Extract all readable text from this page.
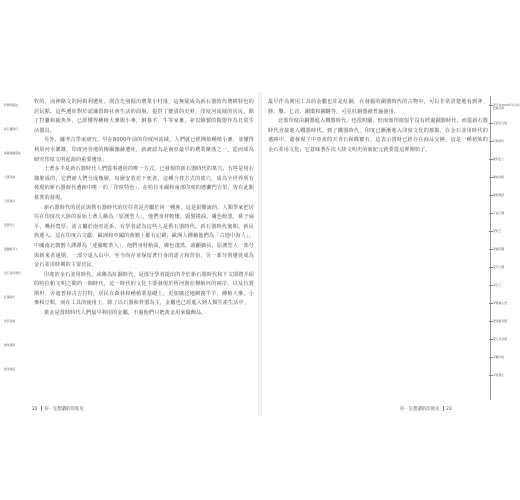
阿姆利遺址
新石器時代
梅爾伽赫遺址
土著民族
合葬墓穴
原澳型人
達羅毗荼人
金石並用時代
紅銅時代
恆河流域
農業發展
黃金飾品

牧的，而神路文的阿姆利遺址，則首先發掘出農業小村落，這無疑成為新石器時代農耕特色的居民點。這些遺址對於認識當時社會生活的面貌，提供了寶貴的史料，印度河流域的居民，除了狩獵和捕魚外，已經懂得種植大麥與小麥，飼養羊、牛等家畜，並以燒製的陶器作為日常生活器具。

另外，據考古學家研究，早在8000年前的印度河流域，人們就已經開始種植小麥，並懂得利用河水灌溉，印度河谷地的梅爾伽赫遺址，就被認為是南亞最早的農業聚落之一，從而成為研究印度文明起源的重要遺址。

土著多半是新石器時代人們從事遷徙的唯一方式，已發現的新石器時代的墓穴，有些是用石塊堆成的，它們被人們分成幾層，每層安放若干死者，這種合葬方式的墓穴，成為全世界所有發現的新石器時代遺跡中唯一的「印度特色」，在哈拉本爾和南部印度的德蘭門吉里，皆有此類墓葬的發現。

新石器時代的居民與舊石器時代的居住者是否屬於同一種族，這是很難說的，人類學家把居住在印度次大陸的原始土著人稱為「原澳型人」，他們身材較矮，頭髮捲曲，膚色較黑，鼻子扁平，嘴唇寬厚，語言屬於南亞語系，有學者認為這些人是舊石器時代、新石器時代後期、新民族遷入，這在印度古文獻、歐洲和中國的典籍上都有記載，歐洲人種稱他們為「古地中海人」，中國南北朝僧人譯譚為「達羅毗荼人」，他們身材稍高，膚色淺黑，頭顱細長，原澳型人一部分與新來者通婚，一部分退入山中，至今尚存並保留著自身的語言和習俗，另一部分則遷徙成為金石並用時期的主要居民。

印度的金石並用時代，或稱為紅銅時代，是部分學者提出的介於新石器時代和下文即將介紹的哈拉帕文明之間的一個時代，這一時代的文化主要發現於恆河與亞穆納河的兩岸、以及拉賈斯坦、旁遮普和古吉拉特，居民在森林和種植業基礎上，更加廣泛地飼養牛羊、種植大麥、小麥和豆類，而在工具的使用上，除了以石器和骨器為主，金屬也已經進入到人類生產生活中。

黃金是當時時代人們最早利用的金屬，不過他們只把黃金用來做飾品，

最早作為實用工具的金屬也許是紅銅，在發掘的銅器時代的古物中，可以非常清楚地看到斧、鋒、鑿、匕首、銅環和銅鏈等，可見紅銅器被普遍使用。

北部印度由銅器進入鐵器時代，也很明顯，但南部印度似乎沒有經過銅器時代，而從新石器時代直接進入鐵器時代，到了鐵器時代，印度已漸漸進入印度文化的搖籃，在金石並用時代的遺跡中，還發現了中亞產的天青石和綠寶石，這表示當時已經存在商品交換，這是一種初始的金石並用文化，它意味著在次大陸文明史的新紀元就要從這裡開始了。

西元前3000年左右哈拉帕文明
印度河文明
吠陀時代
雅利安人
種姓制度
佛教興起
孔雀王朝
阿育王
貴霜帝國
笈多王朝
戒日王
伊斯蘭入侵
德里蘇丹國
蒙兀兒帝國
英屬印度
印度獨立
22 你一定想讀的印度史	你一定想讀的印度史 23
